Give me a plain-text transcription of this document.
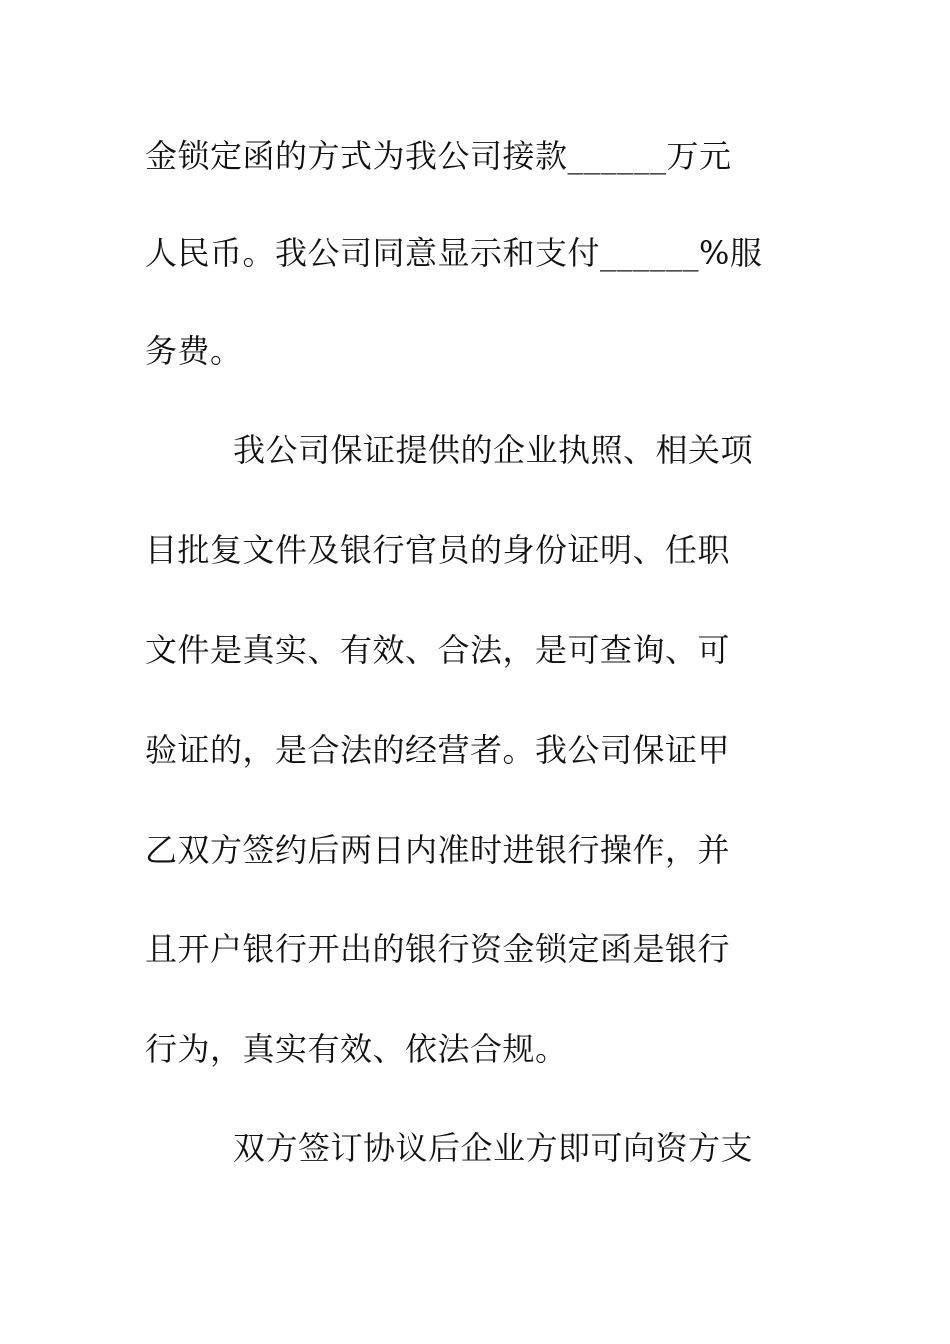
金锁定函的方式为我公司接款______万元
人民币。我公司同意显示和支付______%服
务费。
我公司保证提供的企业执照、相关项
目批复文件及银行官员的身份证明、任职
文件是真实、有效、合法，是可查询、可
验证的，是合法的经营者。我公司保证甲
乙双方签约后两日内准时进银行操作，并
且开户银行开出的银行资金锁定函是银行
行为，真实有效、依法合规。
双方签订协议后企业方即可向资方支
